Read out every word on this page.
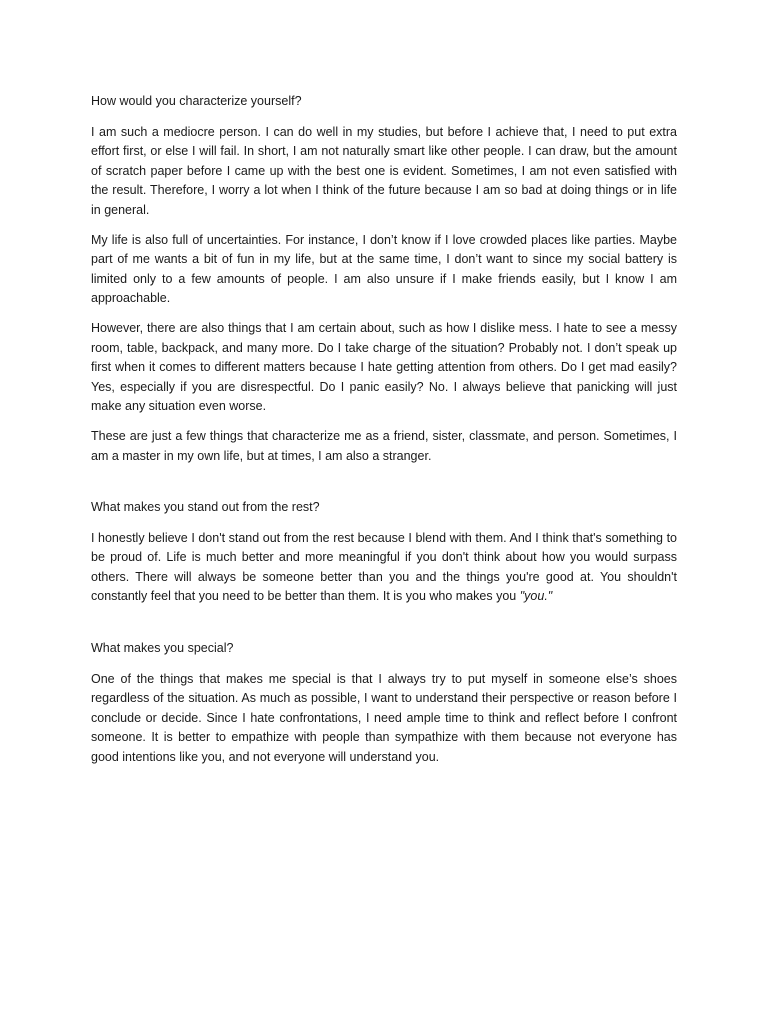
How would you characterize yourself?

I am such a mediocre person. I can do well in my studies, but before I achieve that, I need to put extra effort first, or else I will fail. In short, I am not naturally smart like other people. I can draw, but the amount of scratch paper before I came up with the best one is evident. Sometimes, I am not even satisfied with the result. Therefore, I worry a lot when I think of the future because I am so bad at doing things or in life in general.

My life is also full of uncertainties. For instance, I don’t know if I love crowded places like parties. Maybe part of me wants a bit of fun in my life, but at the same time, I don’t want to since my social battery is limited only to a few amounts of people. I am also unsure if I make friends easily, but I know I am approachable.

However, there are also things that I am certain about, such as how I dislike mess. I hate to see a messy room, table, backpack, and many more. Do I take charge of the situation? Probably not. I don’t speak up first when it comes to different matters because I hate getting attention from others. Do I get mad easily? Yes, especially if you are disrespectful. Do I panic easily? No. I always believe that panicking will just make any situation even worse.

These are just a few things that characterize me as a friend, sister, classmate, and person. Sometimes, I am a master in my own life, but at times, I am also a stranger.

What makes you stand out from the rest?

I honestly believe I don't stand out from the rest because I blend with them. And I think that's something to be proud of. Life is much better and more meaningful if you don't think about how you would surpass others. There will always be someone better than you and the things you're good at. You shouldn't constantly feel that you need to be better than them. It is you who makes you "you."

What makes you special?

One of the things that makes me special is that I always try to put myself in someone else’s shoes regardless of the situation. As much as possible, I want to understand their perspective or reason before I conclude or decide. Since I hate confrontations, I need ample time to think and reflect before I confront someone. It is better to empathize with people than sympathize with them because not everyone has good intentions like you, and not everyone will understand you.
